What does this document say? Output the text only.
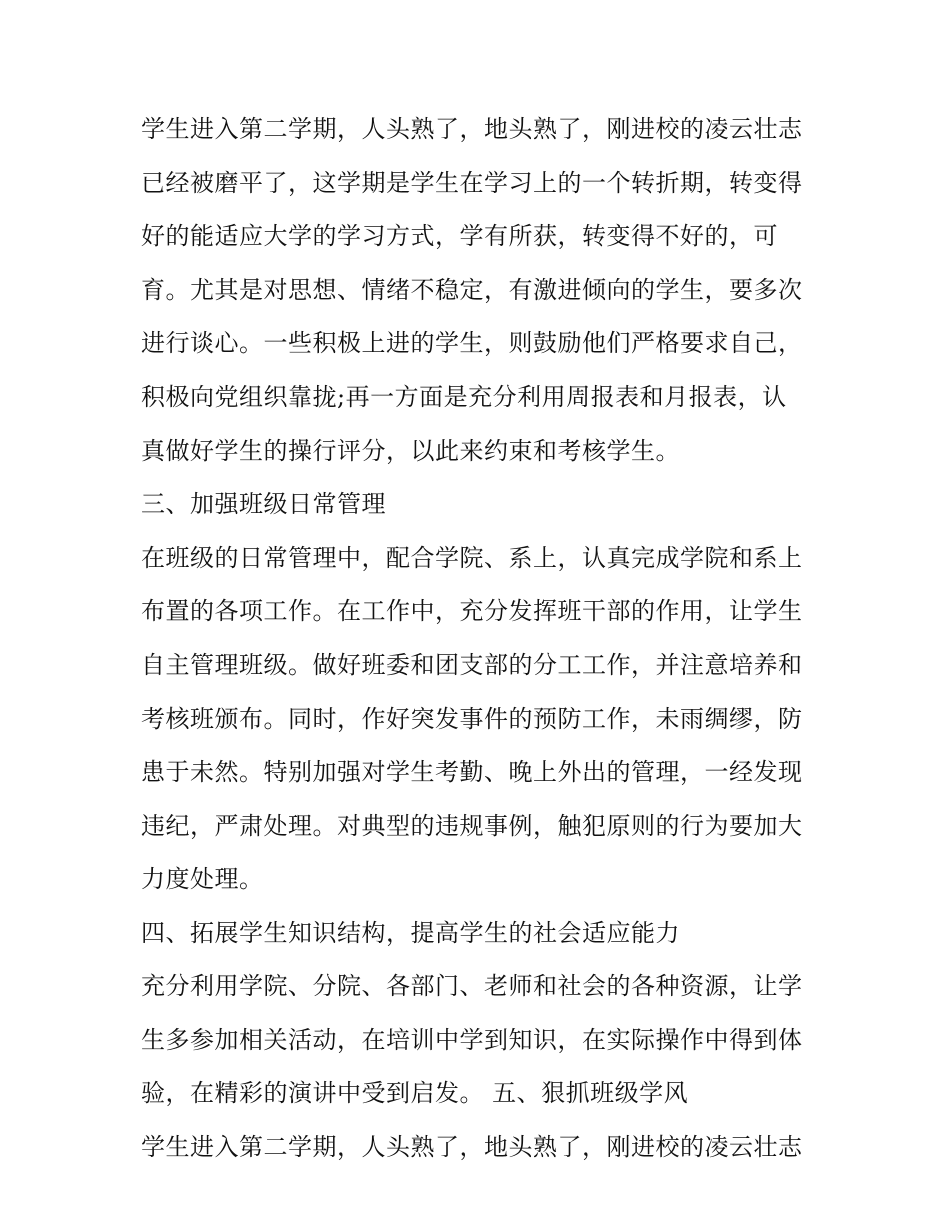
学生进入第二学期，人头熟了，地头熟了，刚进校的凌云壮志
已经被磨平了，这学期是学生在学习上的一个转折期，转变得
好的能适应大学的学习方式，学有所获，转变得不好的，可
育。尤其是对思想、情绪不稳定，有激进倾向的学生，要多次
进行谈心。一些积极上进的学生，则鼓励他们严格要求自己，
积极向党组织靠拢;再一方面是充分利用周报表和月报表，认
真做好学生的操行评分，以此来约束和考核学生。
三、加强班级日常管理
在班级的日常管理中，配合学院、系上，认真完成学院和系上
布置的各项工作。在工作中，充分发挥班干部的作用，让学生
自主管理班级。做好班委和团支部的分工工作，并注意培养和
考核班颁布。同时，作好突发事件的预防工作，未雨绸缪，防
患于未然。特别加强对学生考勤、晚上外出的管理，一经发现
违纪，严肃处理。对典型的违规事例，触犯原则的行为要加大
力度处理。
四、拓展学生知识结构，提高学生的社会适应能力
充分利用学院、分院、各部门、老师和社会的各种资源，让学
生多参加相关活动，在培训中学到知识，在实际操作中得到体
验，在精彩的演讲中受到启发。 五、狠抓班级学风
学生进入第二学期，人头熟了，地头熟了，刚进校的凌云壮志
